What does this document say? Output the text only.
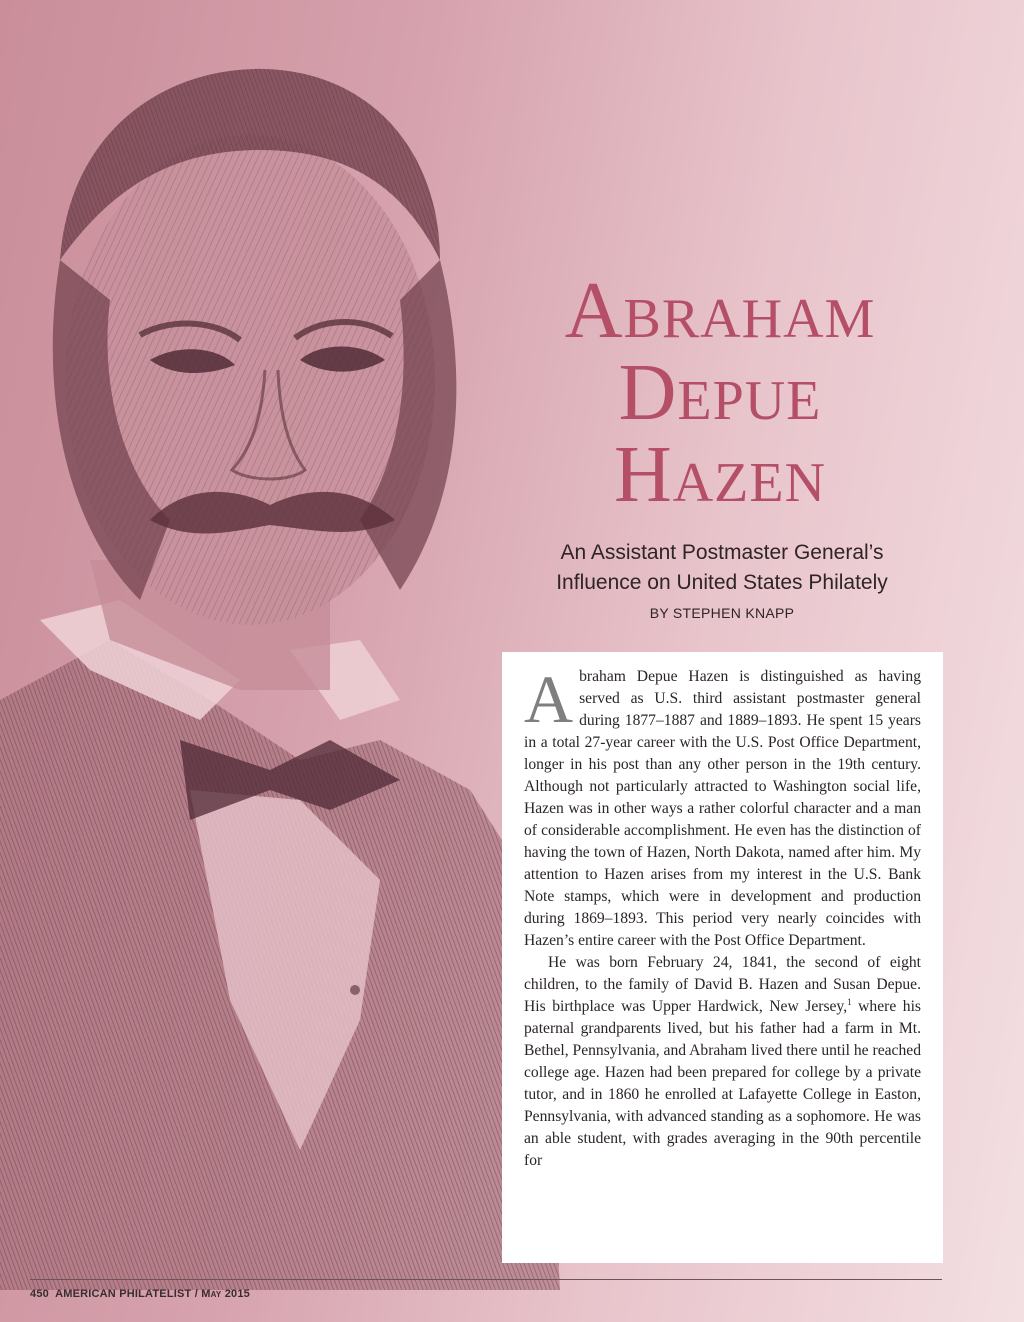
Abraham
Depue
Hazen
An Assistant Postmaster General’s
Influence on United States Philately
BY STEPHEN KNAPP

Abraham Depue Hazen is distinguished as having served as U.S. third assistant postmaster general during 1877–1887 and 1889–1893. He spent 15 years in a total 27-year career with the U.S. Post Office Department, longer in his post than any other person in the 19th century. Although not particularly attracted to Washington social life, Hazen was in other ways a rather colorful character and a man of considerable accomplishment. He even has the distinction of having the town of Hazen, North Dakota, named after him. My attention to Hazen arises from my interest in the U.S. Bank Note stamps, which were in development and production during 1869–1893. This period very nearly coincides with Hazen’s entire career with the Post Office Department.

He was born February 24, 1841, the second of eight children, to the family of David B. Hazen and Susan Depue. His birthplace was Upper Hardwick, New Jersey,$^1$ where his paternal grandparents lived, but his father had a farm in Mt. Bethel, Pennsylvania, and Abraham lived there until he reached college age. Hazen had been prepared for college by a private tutor, and in 1860 he enrolled at Lafayette College in Easton, Pennsylvania, with advanced standing as a sophomore. He was an able student, with grades averaging in the 90th percentile for

450 AMERICAN PHILATELIST / May 2015
